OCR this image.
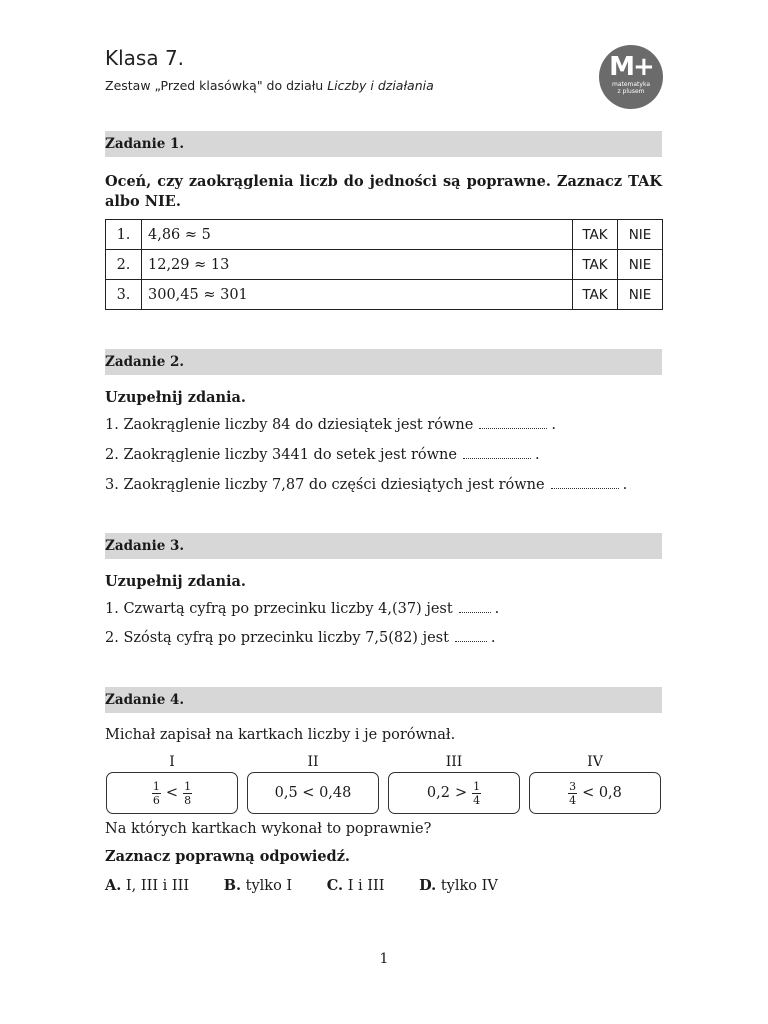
Klasa 7.
Zestaw „Przed klasówką" do działu Liczby i działania
M+
matematyka
z plusem
Zadanie 1.
Oceń, czy zaokrąglenia liczb do jedności są poprawne. Zaznacz TAK albo NIE.
1.	4,86 ≈ 5	TAK	NIE
2.	12,29 ≈ 13	TAK	NIE
3.	300,45 ≈ 301	TAK	NIE
Zadanie 2.
Uzupełnij zdania.
1. Zaokrąglenie liczby 84 do dziesiątek jest równe	.
2. Zaokrąglenie liczby 3441 do setek jest równe	.
3. Zaokrąglenie liczby 7,87 do części dziesiątych jest równe	.
Zadanie 3.
Uzupełnij zdania.
1. Czwartą cyfrą po przecinku liczby 4,(37) jest	.
2. Szóstą cyfrą po przecinku liczby 7,5(82) jest	.
Zadanie 4.
Michał zapisał na kartkach liczby i je porównał.
I	II	III	IV
$\frac{1}{6} < \frac{1}{8}$	0,5 < 0,48	$0,2 > \frac{1}{4}$	$\frac{3}{4} < 0,8$
Na których kartkach wykonał to poprawnie?
Zaznacz poprawną odpowiedź.
A. I, III i III B. tylko I C. I i III D. tylko IV
1
